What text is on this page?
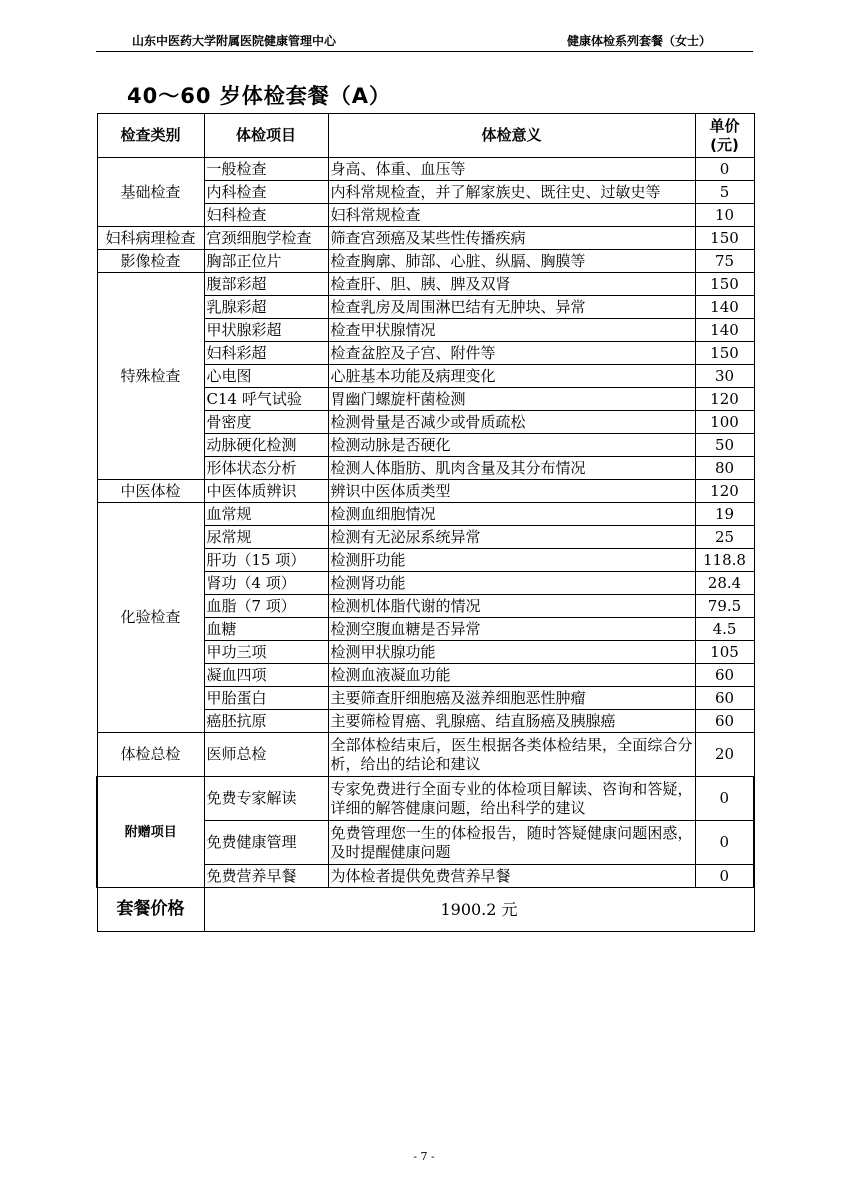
山东中医药大学附属医院健康管理中心	健康体检系列套餐（女士）
40～60 岁体检套餐（A）
检查类别	体检项目	体检意义	单价
(元)

基础检查	一般检查	身高、体重、血压等	0
	内科检查	内科常规检查，并了解家族史、既往史、过敏史等	5
	妇科检查	妇科常规检查	10
妇科病理检查	宫颈细胞学检查	筛查宫颈癌及某些性传播疾病	150
影像检查	胸部正位片	检查胸廓、肺部、心脏、纵膈、胸膜等	75
特殊检查	腹部彩超	检查肝、胆、胰、脾及双肾	150
	乳腺彩超	检查乳房及周围淋巴结有无肿块、异常	140
	甲状腺彩超	检查甲状腺情况	140
	妇科彩超	检查盆腔及子宫、附件等	150
	心电图	心脏基本功能及病理变化	30
	C14 呼气试验	胃幽门螺旋杆菌检测	120
	骨密度	检测骨量是否减少或骨质疏松	100
	动脉硬化检测	检测动脉是否硬化	50
	形体状态分析	检测人体脂肪、肌肉含量及其分布情况	80
中医体检	中医体质辨识	辨识中医体质类型	120
化验检查	血常规	检测血细胞情况	19
	尿常规	检测有无泌尿系统异常	25
	肝功（15 项）	检测肝功能	118.8
	肾功（4 项）	检测肾功能	28.4
	血脂（7 项）	检测机体脂代谢的情况	79.5
	血糖	检测空腹血糖是否异常	4.5
	甲功三项	检测甲状腺功能	105
	凝血四项	检测血液凝血功能	60
	甲胎蛋白	主要筛查肝细胞癌及滋养细胞恶性肿瘤	60
	癌胚抗原	主要筛检胃癌、乳腺癌、结直肠癌及胰腺癌	60
体检总检	医师总检	全部体检结束后，医生根据各类体检结果，全面综合分析，给出的结论和建议	20
附赠项目	免费专家解读	专家免费进行全面专业的体检项目解读、咨询和答疑，详细的解答健康问题，给出科学的建议	0
	免费健康管理	免费管理您一生的体检报告，随时答疑健康问题困惑，及时提醒健康问题	0
	免费营养早餐	为体检者提供免费营养早餐	0
套餐价格	1900.2 元		
- 7 -
